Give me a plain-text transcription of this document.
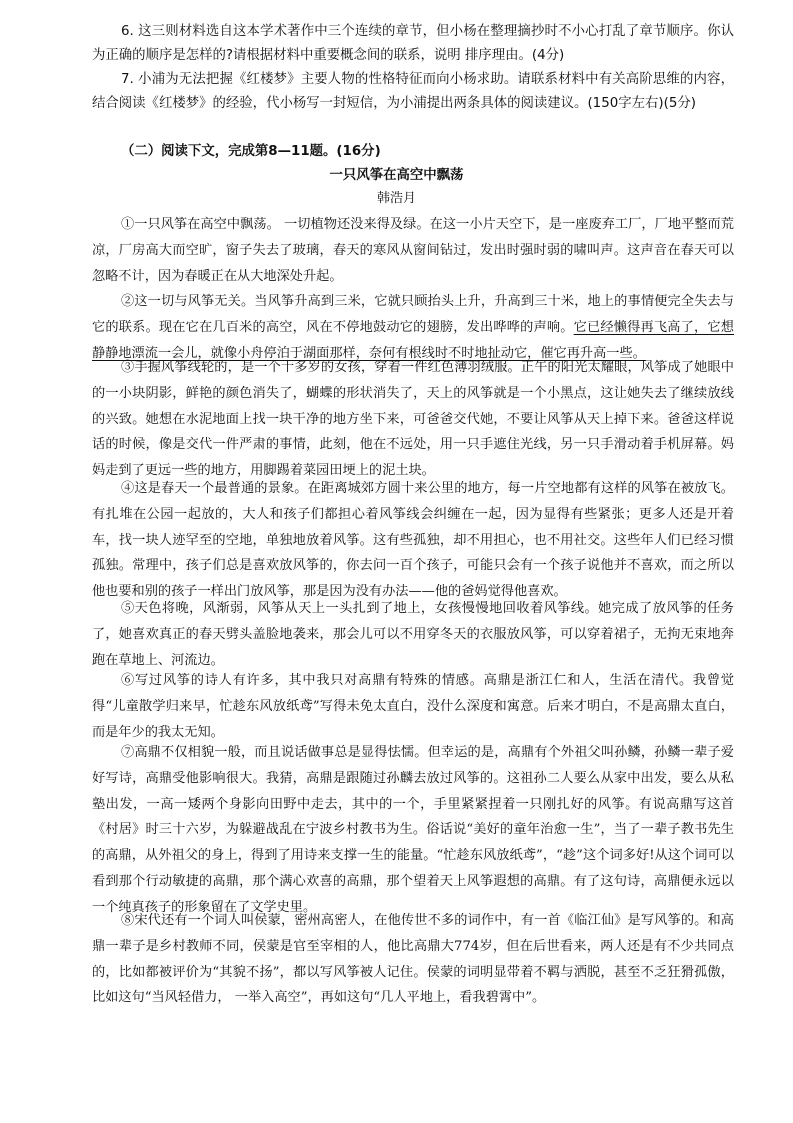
6. 这三则材料选自这本学术著作中三个连续的章节，但小杨在整理摘抄时不小心打乱了章节顺序。你认为正确的顺序是怎样的?请根据材料中重要概念间的联系，说明 排序理由。(4分)

7. 小浦为无法把握《红楼梦》主要人物的性格特征而向小杨求助。请联系材料中有关高阶思维的内容，结合阅读《红楼梦》的经验，代小杨写一封短信，为小浦提出两条具体的阅读建议。(150字左右)(5分)

（二）阅读下文，完成第8—11题。(16分)

一只风筝在高空中飘荡

韩浩月

①一只风筝在高空中飘荡。 一切植物还没来得及绿。在这一小片天空下，是一座废弃工厂，厂地平整而荒凉，厂房高大而空旷，窗子失去了玻璃，春天的寒风从窗间钻过，发出时强时弱的啸叫声。这声音在春天可以忽略不计，因为春暖正在从大地深处升起。

②这一切与风筝无关。当风筝升高到三米，它就只顾抬头上升，升高到三十米，地上的事情便完全失去与它的联系。现在它在几百米的高空，风在不停地鼓动它的翅膀，发出哗哗的声响。它已经懒得再飞高了，它想静静地漂流一会儿，就像小舟停泊于湖面那样，奈何有根线时不时地扯动它，催它再升高一些。

③手握风筝线轮的，是一个十多岁的女孩，穿着一件红色薄羽绒服。正午的阳光太耀眼，风筝成了她眼中的一小块阴影，鲜艳的颜色消失了，蝴蝶的形状消失了，天上的风筝就是一个小黑点，这让她失去了继续放线的兴致。她想在水泥地面上找一块干净的地方坐下来，可爸爸交代她，不要让风筝从天上掉下来。爸爸这样说话的时候，像是交代一件严肃的事情，此刻，他在不远处，用一只手遮住光线，另一只手滑动着手机屏幕。妈妈走到了更远一些的地方，用脚踢着菜园田埂上的泥土块。

④这是春天一个最普通的景象。在距离城郊方圆十来公里的地方，每一片空地都有这样的风筝在被放飞。有扎堆在公园一起放的，大人和孩子们都担心着风筝线会纠缠在一起，因为显得有些紧张；更多人还是开着车，找一块人迹罕至的空地，单独地放着风筝。这有些孤独，却不用担心，也不用社交。这些年人们已经习惯孤独。常理中，孩子们总是喜欢放风筝的，你去问一百个孩子，可能只会有一个孩子说他并不喜欢，而之所以他也要和别的孩子一样出门放风筝，那是因为没有办法——他的爸妈觉得他喜欢。

⑤天色将晚，风渐弱，风筝从天上一头扎到了地上，女孩慢慢地回收着风筝线。她完成了放风筝的任务了，她喜欢真正的春天劈头盖脸地袭来，那会儿可以不用穿冬天的衣服放风筝，可以穿着裙子，无拘无束地奔跑在草地上、河流边。

⑥写过风筝的诗人有许多，其中我只对高鼎有特殊的情感。高鼎是浙江仁和人，生活在清代。我曾觉得“儿童散学归来早，忙趁东风放纸鸢”写得未免太直白，没什么深度和寓意。后来才明白，不是高鼎太直白，而是年少的我太无知。

⑦高鼎不仅相貌一般，而且说话做事总是显得怯懦。但幸运的是，高鼎有个外祖父叫孙鳞，孙鳞一辈子爱好写诗，高鼎受他影响很大。我猜，高鼎是跟随过孙麟去放过风筝的。这祖孙二人要么从家中出发，要么从私塾出发，一高一矮两个身影向田野中走去，其中的一个，手里紧紧捏着一只刚扎好的风筝。有说高鼎写这首《村居》时三十六岁，为躲避战乱在宁波乡村教书为生。俗话说“美好的童年治愈一生”，当了一辈子教书先生的高鼎，从外祖父的身上，得到了用诗来支撑一生的能量。“忙趁东风放纸鸢”，“趁”这个词多好!从这个词可以看到那个行动敏捷的高鼎，那个满心欢喜的高鼎，那个望着天上风筝遐想的高鼎。有了这句诗，高鼎便永远以一个纯真孩子的形象留在了文学史里。

⑧宋代还有一个词人叫侯蒙，密州高密人，在他传世不多的词作中，有一首《临江仙》是写风筝的。和高鼎一辈子是乡村教师不同，侯蒙是官至宰相的人，他比高鼎大774岁，但在后世看来，两人还是有不少共同点的，比如都被评价为“其貌不扬”，都以写风筝被人记住。侯蒙的词明显带着不羁与洒脱，甚至不乏狂猾孤傲，比如这句“当风轻借力， 一举入高空”，再如这句“几人平地上，看我碧霄中”。
